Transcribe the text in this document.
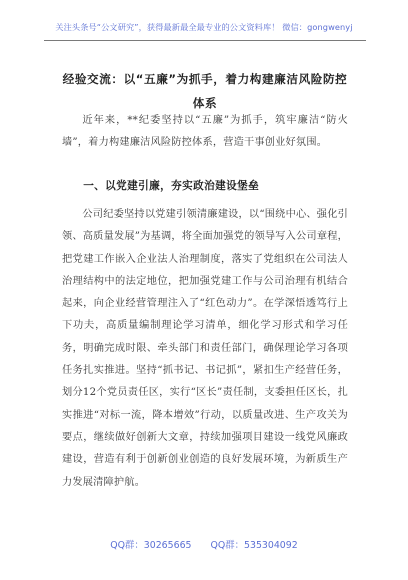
关注头条号“公文研究”，获得最新最全最专业的公文资料库！ 微信：gongwenyj
经验交流：以“五廉”为抓手，着力构建廉洁风险防控体系

近年来，**纪委坚持以“五廉”为抓手，筑牢廉洁“防火墙”，着力构建廉洁风险防控体系，营造干事创业好氛围。

一、以党建引廉，夯实政治建设堡垒

公司纪委坚持以党建引领清廉建设，以“围绕中心、强化引领、高质量发展”为基调，将全面加强党的领导写入公司章程，把党建工作嵌入企业法人治理制度，落实了党组织在公司法人治理结构中的法定地位，把加强党建工作与公司治理有机结合起来，向企业经营管理注入了“红色动力”。在学深悟透笃行上下功夫，高质量编制理论学习清单，细化学习形式和学习任务，明确完成时限、牵头部门和责任部门，确保理论学习各项任务扎实推进。坚持“抓书记、书记抓”，紧扣生产经营任务，划分12个党员责任区，实行“区长”责任制，支委担任区长，扎实推进“对标一流，降本增效”行动，以质量改进、生产攻关为要点，继续做好创新大文章，持续加强项目建设一线党风廉政建设，营造有利于创新创业创造的良好发展环境，为新质生产力发展清障护航。

QQ群：30265665 QQ群：535304092
